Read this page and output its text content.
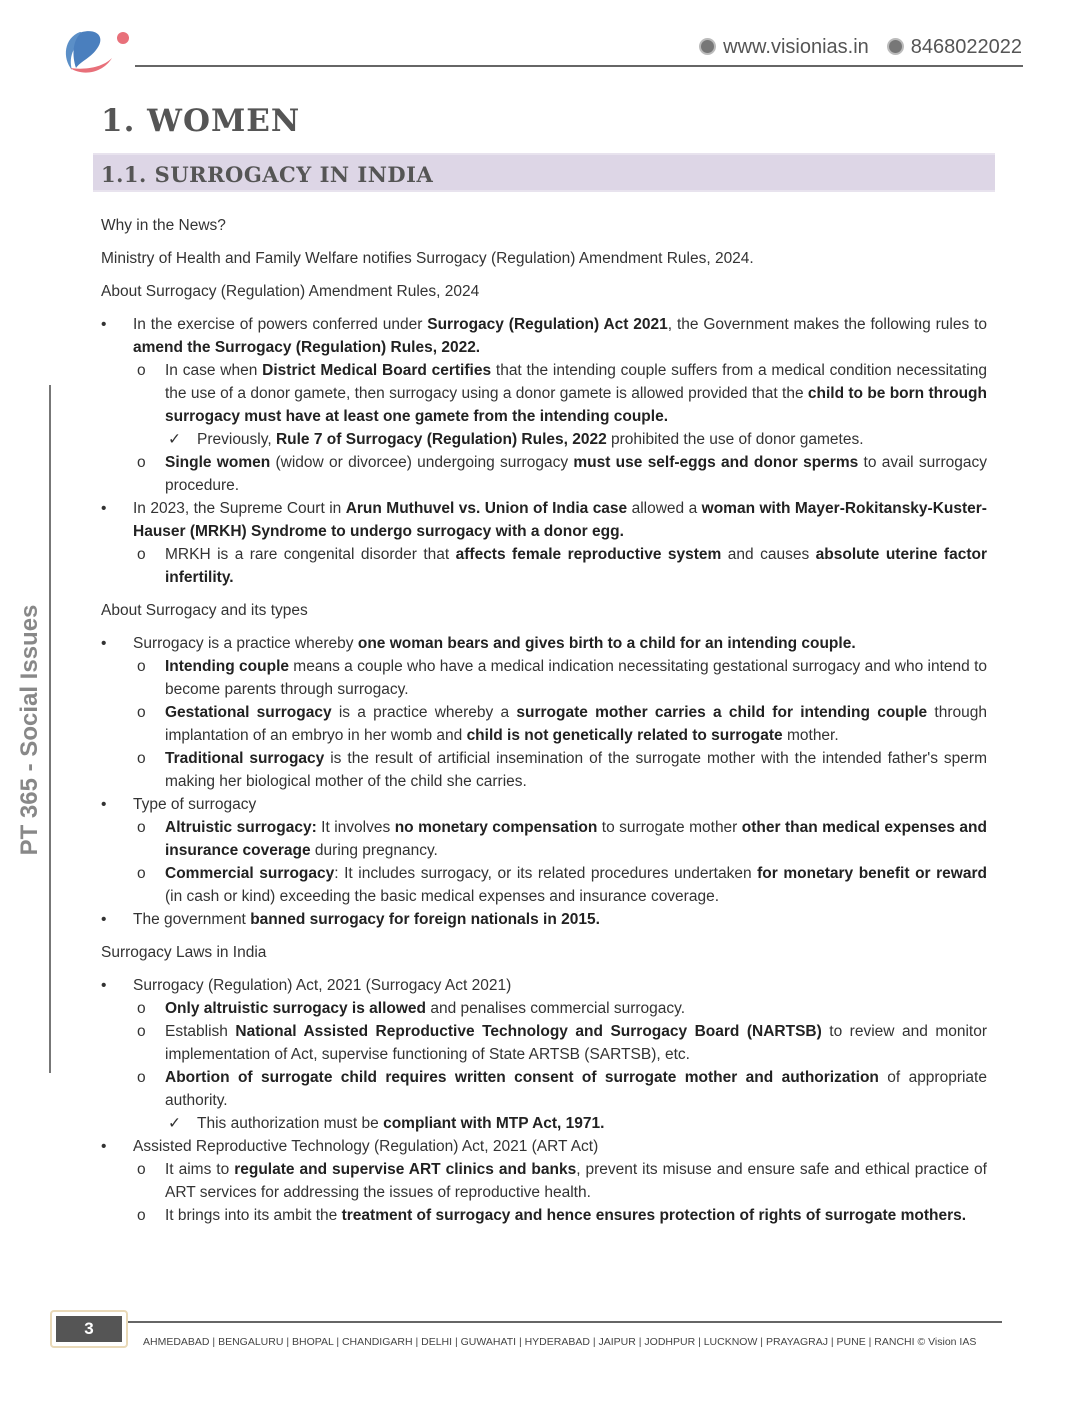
www.visionias.in	8468022022
PT 365 - Social Issues
1. WOMEN
1.1. SURROGACY IN INDIA
Why in the News?
Ministry of Health and Family Welfare notifies Surrogacy (Regulation) Amendment Rules, 2024.
About Surrogacy (Regulation) Amendment Rules, 2024
• In the exercise of powers conferred under Surrogacy (Regulation) Act 2021, the Government makes the following rules to amend the Surrogacy (Regulation) Rules, 2022.
o In case when District Medical Board certifies that the intending couple suffers from a medical condition necessitating the use of a donor gamete, then surrogacy using a donor gamete is allowed provided that the child to be born through surrogacy must have at least one gamete from the intending couple.
✓ Previously, Rule 7 of Surrogacy (Regulation) Rules, 2022 prohibited the use of donor gametes.
o Single women (widow or divorcee) undergoing surrogacy must use self-eggs and donor sperms to avail surrogacy procedure.
• In 2023, the Supreme Court in Arun Muthuvel vs. Union of India case allowed a woman with Mayer-Rokitansky-Kuster-Hauser (MRKH) Syndrome to undergo surrogacy with a donor egg.
o MRKH is a rare congenital disorder that affects female reproductive system and causes absolute uterine factor infertility.
About Surrogacy and its types
• Surrogacy is a practice whereby one woman bears and gives birth to a child for an intending couple.
o Intending couple means a couple who have a medical indication necessitating gestational surrogacy and who intend to become parents through surrogacy.
o Gestational surrogacy is a practice whereby a surrogate mother carries a child for intending couple through implantation of an embryo in her womb and child is not genetically related to surrogate mother.
o Traditional surrogacy is the result of artificial insemination of the surrogate mother with the intended father's sperm making her biological mother of the child she carries.
• Type of surrogacy
o Altruistic surrogacy: It involves no monetary compensation to surrogate mother other than medical expenses and insurance coverage during pregnancy.
o Commercial surrogacy: It includes surrogacy, or its related procedures undertaken for monetary benefit or reward (in cash or kind) exceeding the basic medical expenses and insurance coverage.
• The government banned surrogacy for foreign nationals in 2015.
Surrogacy Laws in India
• Surrogacy (Regulation) Act, 2021 (Surrogacy Act 2021)
o Only altruistic surrogacy is allowed and penalises commercial surrogacy.
o Establish National Assisted Reproductive Technology and Surrogacy Board (NARTSB) to review and monitor implementation of Act, supervise functioning of State ARTSB (SARTSB), etc.
o Abortion of surrogate child requires written consent of surrogate mother and authorization of appropriate authority.
✓ This authorization must be compliant with MTP Act, 1971.
• Assisted Reproductive Technology (Regulation) Act, 2021 (ART Act)
o It aims to regulate and supervise ART clinics and banks, prevent its misuse and ensure safe and ethical practice of ART services for addressing the issues of reproductive health.
o It brings into its ambit the treatment of surrogacy and hence ensures protection of rights of surrogate mothers.
3
AHMEDABAD | BENGALURU | BHOPAL | CHANDIGARH | DELHI | GUWAHATI | HYDERABAD | JAIPUR | JODHPUR | LUCKNOW | PRAYAGRAJ | PUNE | RANCHI © Vision IAS
